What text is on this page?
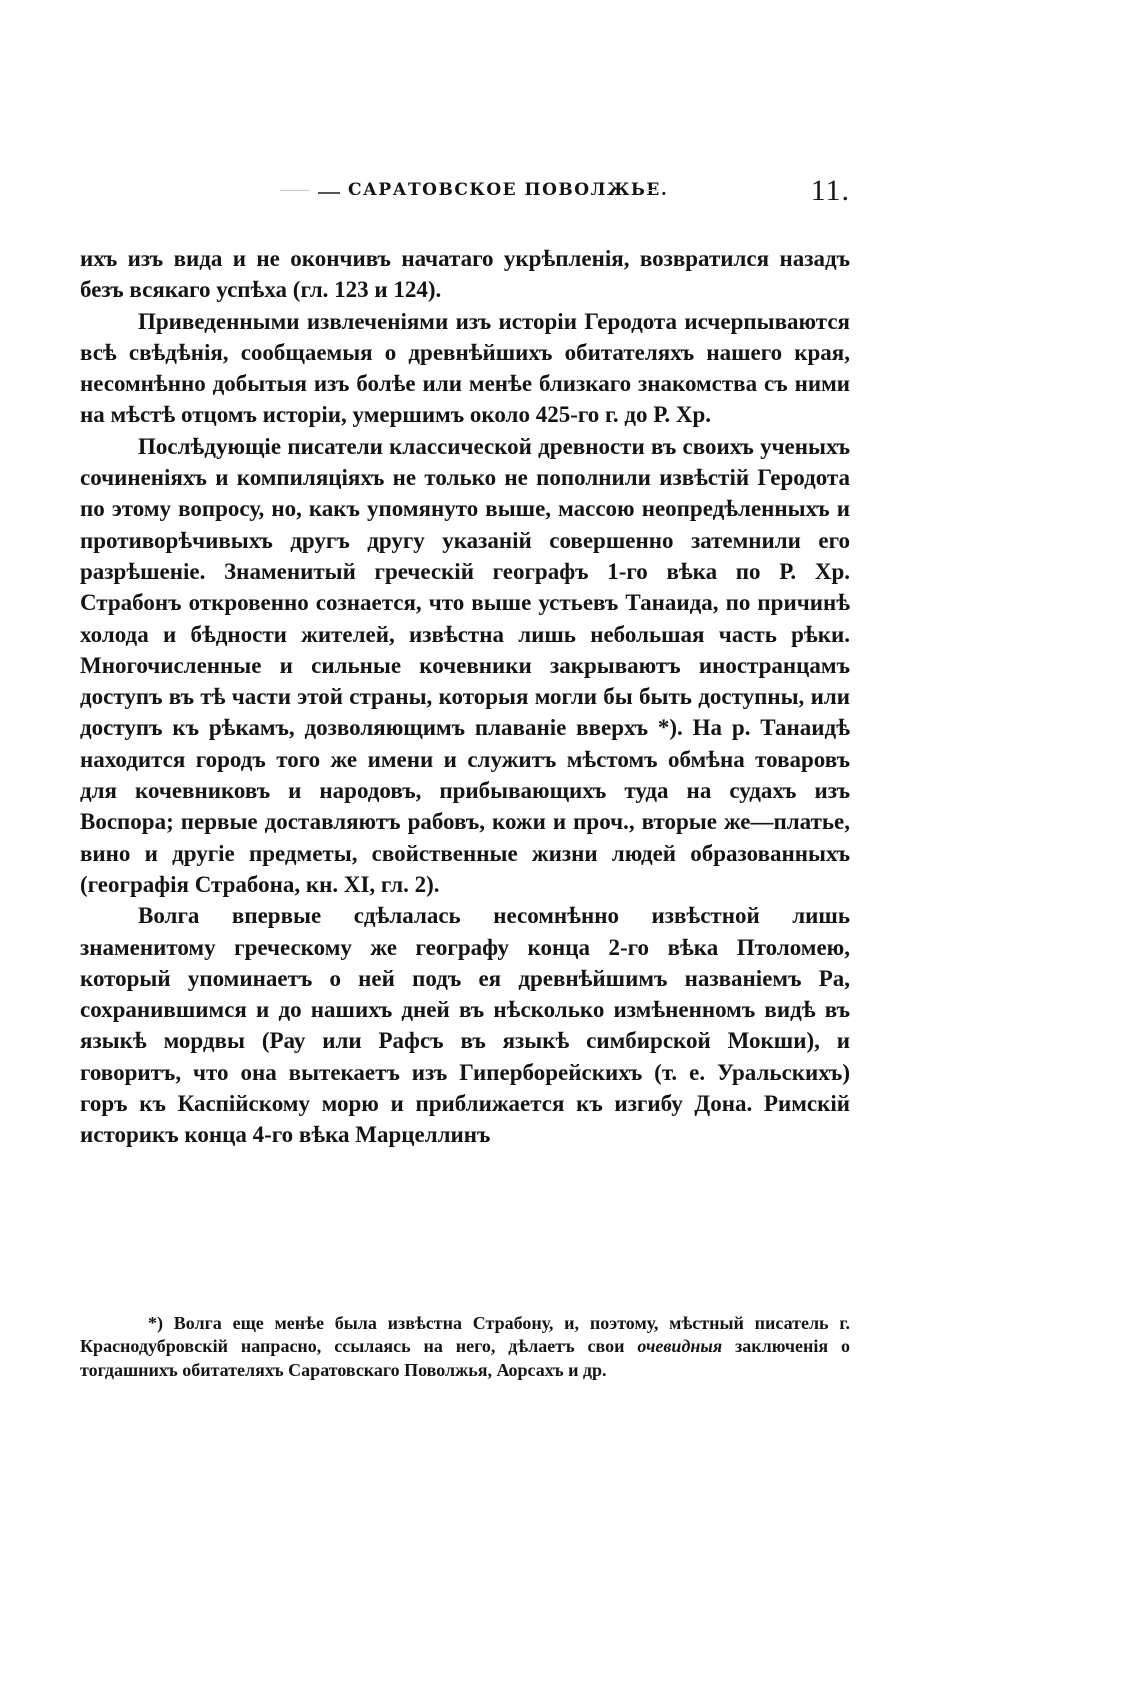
САРАТОВСКОЕ ПОВОЛЖЬЕ.	11.

ихъ изъ вида и не окончивъ начатаго укрѣпленія, возвратился назадъ безъ всякаго успѣха (гл. 123 и 124).

Приведенными извлеченіями изъ исторіи Геродота исчерпываются всѣ свѣдѣнія, сообщаемыя о древнѣйшихъ обитателяхъ нашего края, несомнѣнно добытыя изъ болѣе или менѣе близкаго знакомства съ ними на мѣстѣ отцомъ исторіи, умершимъ около 425-го г. до Р. Хр.

Послѣдующіе писатели классической древности въ своихъ ученыхъ сочиненіяхъ и компиляціяхъ не только не пополнили извѣстій Геродота по этому вопросу, но, какъ упомянуто выше, массою неопредѣленныхъ и противорѣчивыхъ другъ другу указаній совершенно затемнили его разрѣшеніе. Знаменитый греческій географъ 1-го вѣка по Р. Хр. Страбонъ откровенно сознается, что выше устьевъ Танаида, по причинѣ холода и бѣдности жителей, извѣстна лишь небольшая часть рѣки. Многочисленные и сильные кочевники закрываютъ иностранцамъ доступъ въ тѣ части этой страны, которыя могли бы быть доступны, или доступъ къ рѣкамъ, дозволяющимъ плаваніе вверхъ *). На р. Танаидѣ находится городъ того же имени и служитъ мѣстомъ обмѣна товаровъ для кочевниковъ и народовъ, прибывающихъ туда на судахъ изъ Воспора; первые доставляютъ рабовъ, кожи и проч., вторые же—платье, вино и другіе предметы, свойственные жизни людей образованныхъ (географія Страбона, кн. XI, гл. 2).

Волга впервые сдѣлалась несомнѣнно извѣстной лишь знаменитому греческому же географу конца 2-го вѣка Птоломею, который упоминаетъ о ней подъ ея древнѣйшимъ названіемъ Ра, сохранившимся и до нашихъ дней въ нѣсколько измѣненномъ видѣ въ языкѣ мордвы (Рау или Рафсъ въ языкѣ симбирской Мокши), и говоритъ, что она вытекаетъ изъ Гиперборейскихъ (т. е. Уральскихъ) горъ къ Каспійскому морю и приближается къ изгибу Дона. Римскій историкъ конца 4-го вѣка Марцеллинъ

*) Волга еще менѣе была извѣстна Страбону, и, поэтому, мѣстный писатель г. Краснодубровскій напрасно, ссылаясь на него, дѣлаетъ свои очевидныя заключенія о тогдашнихъ обитателяхъ Саратовскаго Поволжья, Аорсахъ и др.
